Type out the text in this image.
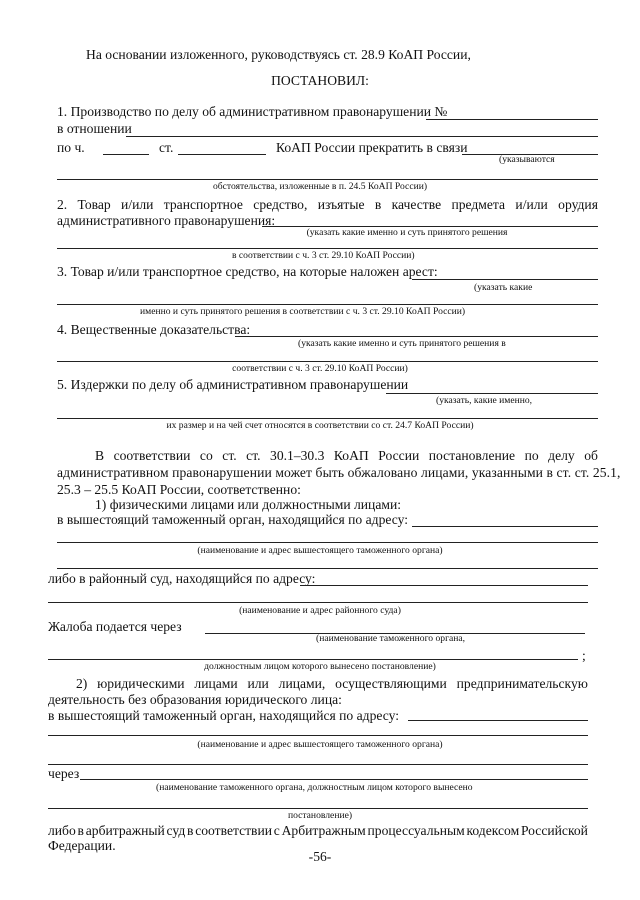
На основании изложенного, руководствуясь ст. 28.9 КоАП России,
ПОСТАНОВИЛ:
1. Производство по делу об административном правонарушении №
в отношении
по ч.	ст.	КоАП России прекратить в связи
(указываются
обстоятельства, изложенные в п. 24.5 КоАП России)
2. Товар и/или транспортное средство, изъятые в качестве предмета и/или орудия
административного правонарушения:
(указать какие именно и суть принятого решения
в соответствии с ч. 3 ст. 29.10 КоАП России)
3. Товар и/или транспортное средство, на которые наложен арест:
(указать какие
именно и суть принятого решения в соответствии с ч. 3 ст. 29.10 КоАП России)
4. Вещественные доказательства:
(указать какие именно и суть принятого решения в
соответствии с ч. 3 ст. 29.10 КоАП России)
5. Издержки по делу об административном правонарушении
(указать, какие именно,
их размер и на чей счет относятся в соответствии со ст. 24.7 КоАП России)
В соответствии со ст. ст. 30.1–30.3 КоАП России постановление по делу об
административном правонарушении может быть обжаловано лицами, указанными в ст. ст. 25.1,
25.3 – 25.5 КоАП России, соответственно:
1) физическими лицами или должностными лицами:
в вышестоящий таможенный орган, находящийся по адресу:
(наименование и адрес вышестоящего таможенного органа)
либо в районный суд, находящийся по адресу:
(наименование и адрес районного суда)
Жалоба подается через
(наименование таможенного органа,
;
должностным лицом которого вынесено постановление)
2) юридическими лицами или лицами, осуществляющими предпринимательскую
деятельность без образования юридического лица:
в вышестоящий таможенный орган, находящийся по адресу:
(наименование и адрес вышестоящего таможенного органа)
через
(наименование таможенного органа, должностным лицом которого вынесено
постановление)
либо в арбитражный суд в соответствии с Арбитражным процессуальным кодексом Российской
Федерации.
-56-
